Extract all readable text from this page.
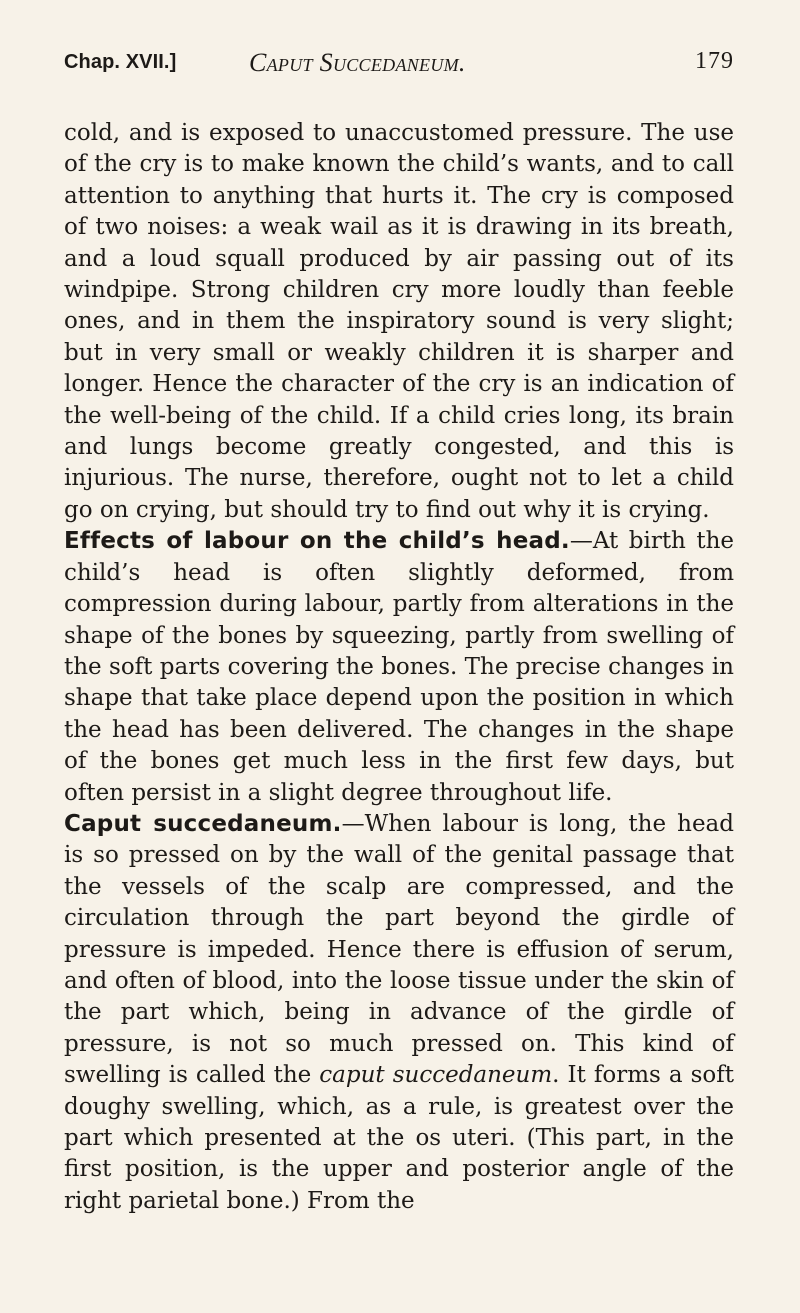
Chap. XVII.]	Caput Succedaneum.	179

cold, and is exposed to unaccustomed pressure. The use of the cry is to make known the child’s wants, and to call attention to anything that hurts it. The cry is composed of two noises: a weak wail as it is drawing in its breath, and a loud squall produced by air passing out of its windpipe. Strong children cry more loudly than feeble ones, and in them the inspiratory sound is very slight; but in very small or weakly children it is sharper and longer. Hence the character of the cry is an indication of the well-being of the child. If a child cries long, its brain and lungs become greatly congested, and this is injurious. The nurse, therefore, ought not to let a child go on crying, but should try to find out why it is crying.

Effects of labour on the child’s head.—At birth the child’s head is often slightly deformed, from compression during labour, partly from alterations in the shape of the bones by squeezing, partly from swelling of the soft parts covering the bones. The precise changes in shape that take place depend upon the position in which the head has been delivered. The changes in the shape of the bones get much less in the first few days, but often persist in a slight degree throughout life.

Caput succedaneum.—When labour is long, the head is so pressed on by the wall of the genital passage that the vessels of the scalp are compressed, and the circulation through the part beyond the girdle of pressure is impeded. Hence there is effusion of serum, and often of blood, into the loose tissue under the skin of the part which, being in advance of the girdle of pressure, is not so much pressed on. This kind of swelling is called the caput succedaneum. It forms a soft doughy swelling, which, as a rule, is greatest over the part which presented at the os uteri. (This part, in the first position, is the upper and posterior angle of the right parietal bone.) From the
